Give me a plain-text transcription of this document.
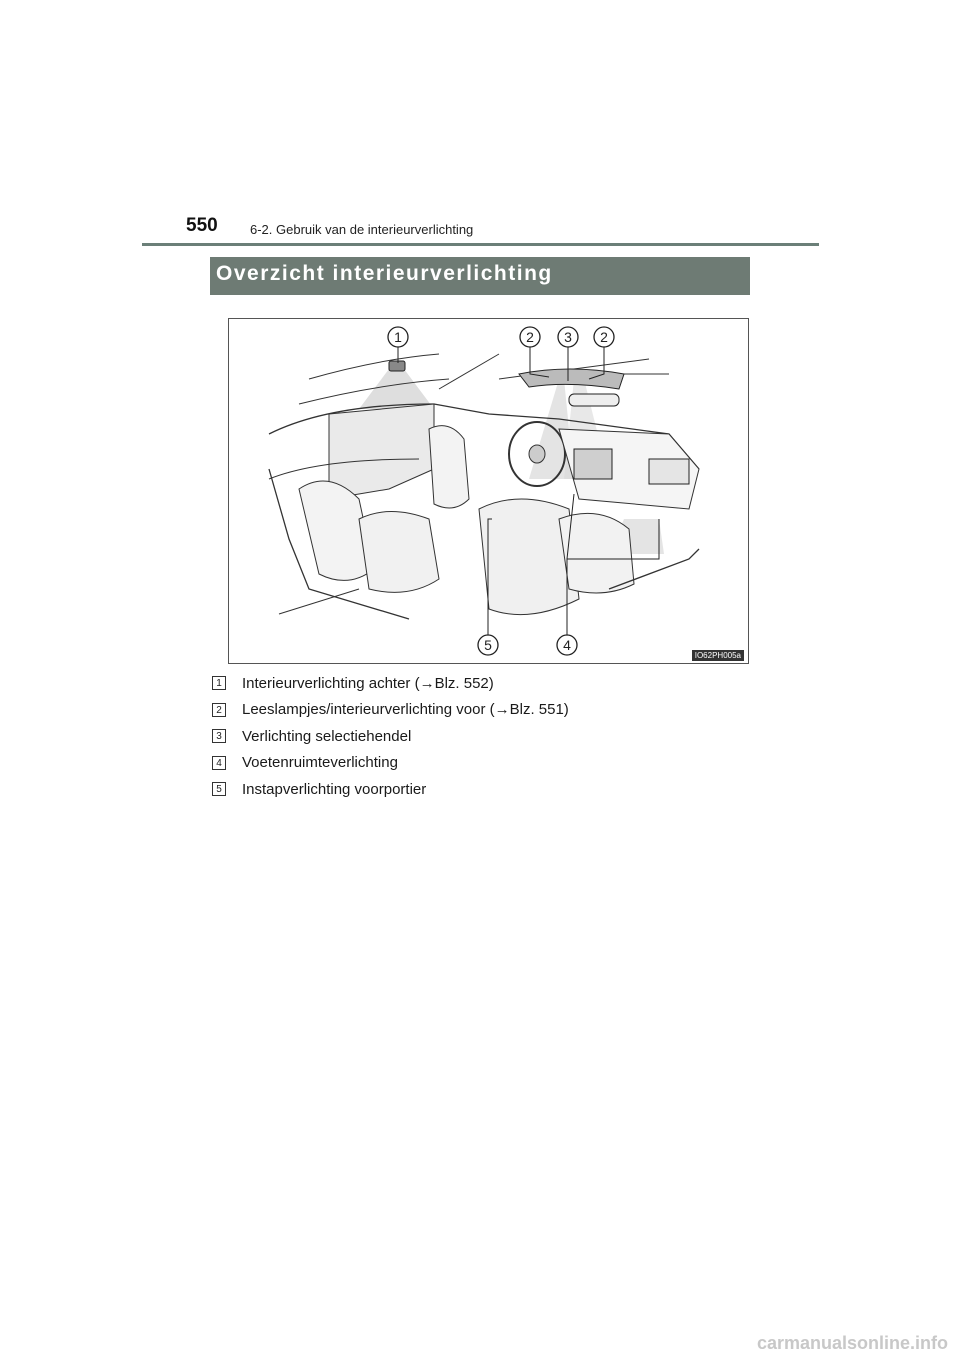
550 6-2. Gebruik van de interieurverlichting
Overzicht interieurverlichting
1	2 3 2
5	4
IO62PH005a
1 Interieurverlichting achter (→Blz. 552)
2 Leeslampjes/interieurverlichting voor (→Blz. 551)
3 Verlichting selectiehendel
4 Voetenruimteverlichting
5 Instapverlichting voorportier
carmanualsonline.info
